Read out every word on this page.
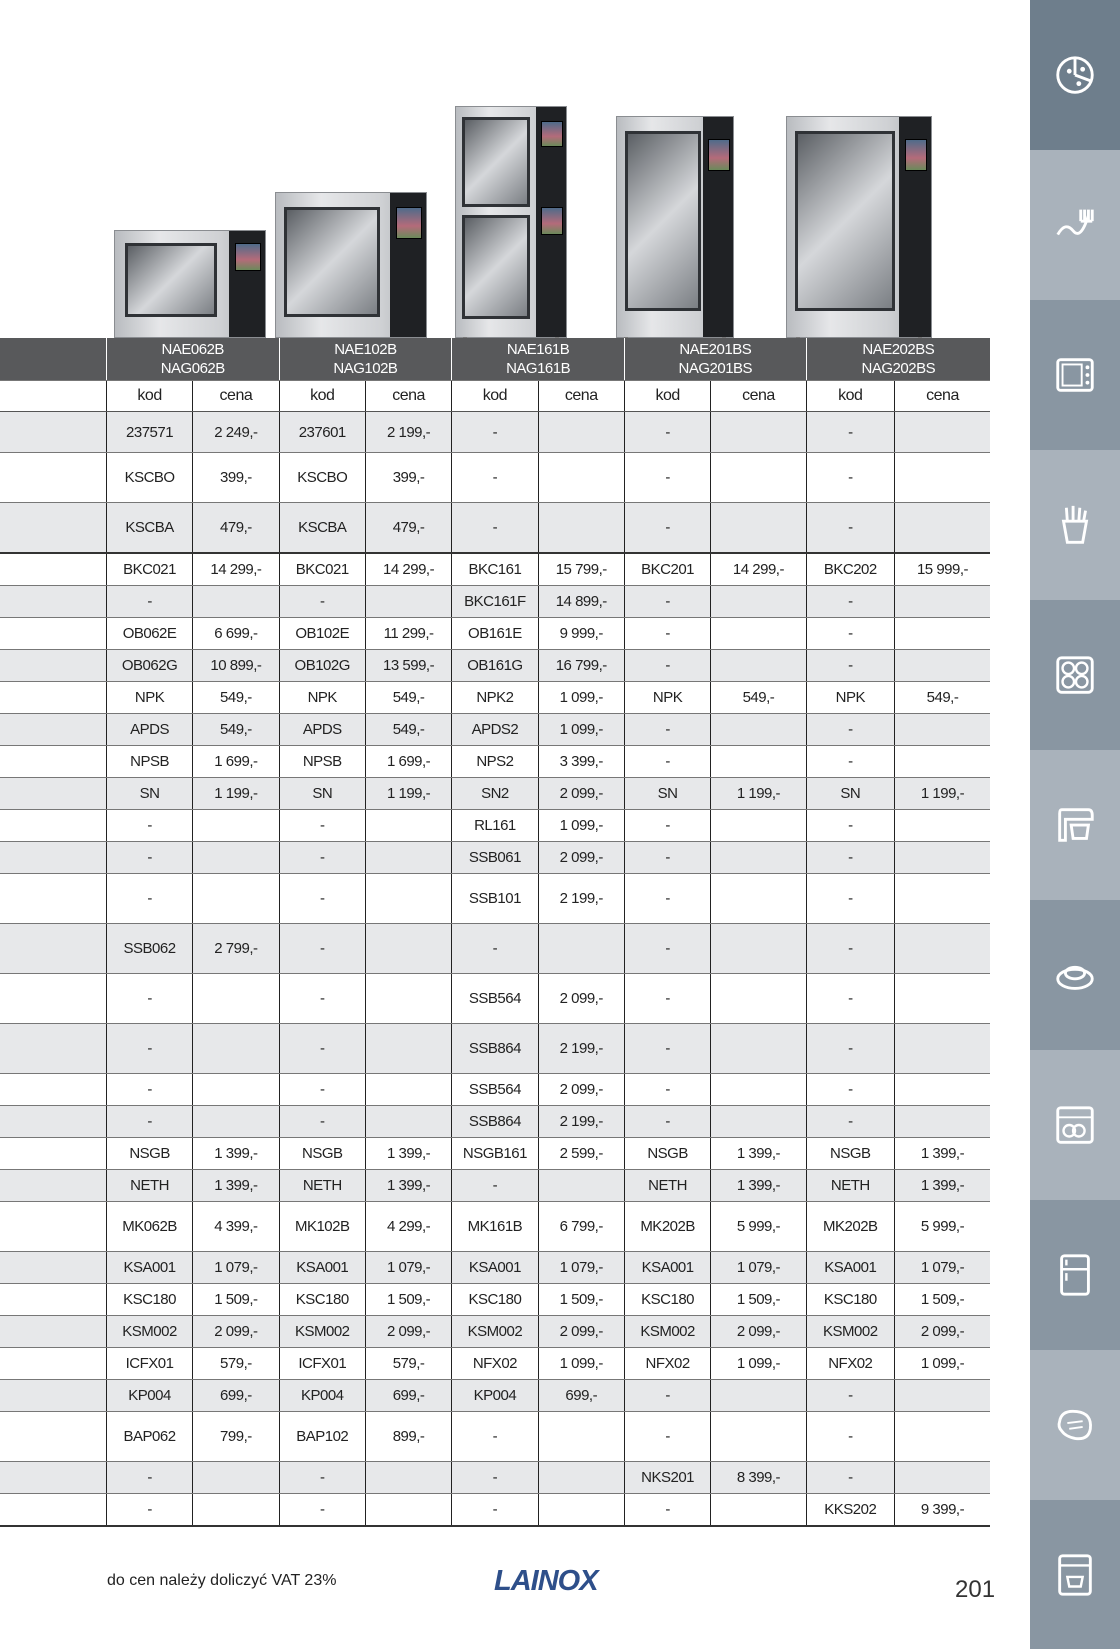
	NAE062B
NAG062B		NAE102B
NAG102B		NAE161B
NAG161B		NAE201BS
NAG201BS		NAE202BS
NAG202BS	
	kod	cena	kod	cena	kod	cena	kod	cena	kod	cena
	237571	2 249,-	237601	2 199,-	-		-		-	
	KSCBO	399,-	KSCBO	399,-	-		-		-	
	KSCBA	479,-	KSCBA	479,-	-		-		-	
	BKC021	14 299,-	BKC021	14 299,-	BKC161	15 799,-	BKC201	14 299,-	BKC202	15 999,-
	-		-		BKC161F	14 899,-	-		-	
	OB062E	6 699,-	OB102E	11 299,-	OB161E	9 999,-	-		-	
	OB062G	10 899,-	OB102G	13 599,-	OB161G	16 799,-	-		-	
	NPK	549,-	NPK	549,-	NPK2	1 099,-	NPK	549,-	NPK	549,-
	APDS	549,-	APDS	549,-	APDS2	1 099,-	-		-	
	NPSB	1 699,-	NPSB	1 699,-	NPS2	3 399,-	-		-	
	SN	1 199,-	SN	1 199,-	SN2	2 099,-	SN	1 199,-	SN	1 199,-
	-		-		RL161	1 099,-	-		-	
	-		-		SSB061	2 099,-	-		-	
	-		-		SSB101	2 199,-	-		-	
	SSB062	2 799,-	-		-		-		-	
	-		-		SSB564	2 099,-	-		-	
	-		-		SSB864	2 199,-	-		-	
	-		-		SSB564	2 099,-	-		-	
	-		-		SSB864	2 199,-	-		-	
	NSGB	1 399,-	NSGB	1 399,-	NSGB161	2 599,-	NSGB	1 399,-	NSGB	1 399,-
	NETH	1 399,-	NETH	1 399,-	-		NETH	1 399,-	NETH	1 399,-
	MK062B	4 399,-	MK102B	4 299,-	MK161B	6 799,-	MK202B	5 999,-	MK202B	5 999,-
	KSA001	1 079,-	KSA001	1 079,-	KSA001	1 079,-	KSA001	1 079,-	KSA001	1 079,-
	KSC180	1 509,-	KSC180	1 509,-	KSC180	1 509,-	KSC180	1 509,-	KSC180	1 509,-
	KSM002	2 099,-	KSM002	2 099,-	KSM002	2 099,-	KSM002	2 099,-	KSM002	2 099,-
	ICFX01	579,-	ICFX01	579,-	NFX02	1 099,-	NFX02	1 099,-	NFX02	1 099,-
	KP004	699,-	KP004	699,-	KP004	699,-	-		-	
	BAP062	799,-	BAP102	899,-	-		-		-	
	-		-		-		NKS201	8 399,-	-	
	-		-		-		-		KKS202	9 399,-
do cen należy doliczyć VAT 23%	LAINOX	201
